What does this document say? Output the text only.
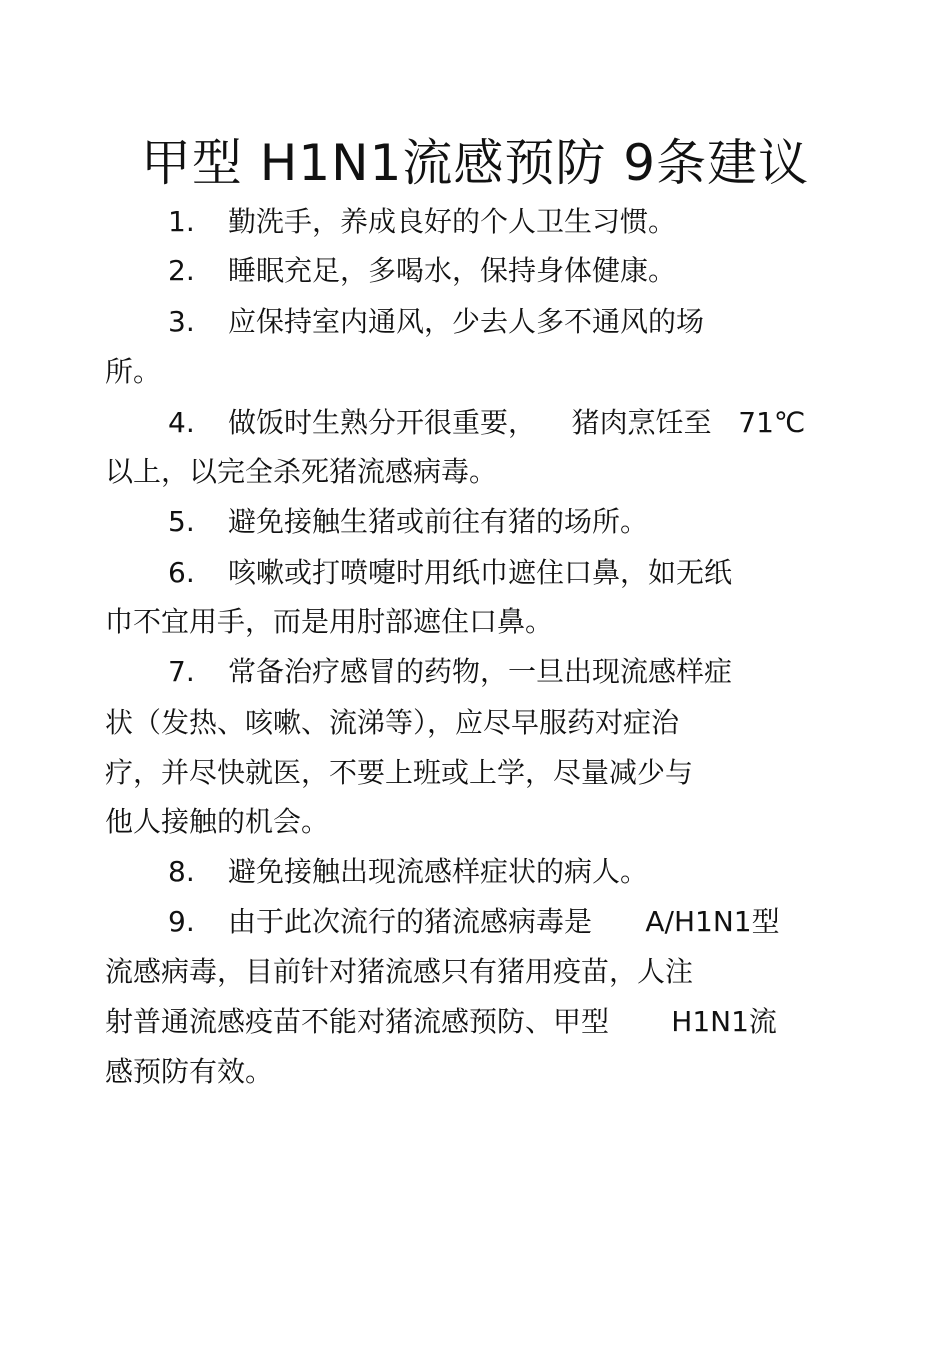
甲型 H1N1流感预防 9条建议
1. 勤洗手，养成良好的个人卫生习惯。
2. 睡眠充足，多喝水，保持身体健康。
3. 应保持室内通风，少去人多不通风的场
所。
4. 做饭时生熟分开很重要，    猪肉烹饪至   71℃
以上，以完全杀死猪流感病毒。
5. 避免接触生猪或前往有猪的场所。
6. 咳嗽或打喷嚏时用纸巾遮住口鼻，如无纸
巾不宜用手，而是用肘部遮住口鼻。
7. 常备治疗感冒的药物，一旦出现流感样症
状（发热、咳嗽、流涕等），应尽早服药对症治
疗，并尽快就医，不要上班或上学，尽量减少与
他人接触的机会。
8. 避免接触出现流感样症状的病人。
9. 由于此次流行的猪流感病毒是      A/H1N1型
流感病毒，目前针对猪流感只有猪用疫苗，人注
射普通流感疫苗不能对猪流感预防、甲型       H1N1流
感预防有效。
